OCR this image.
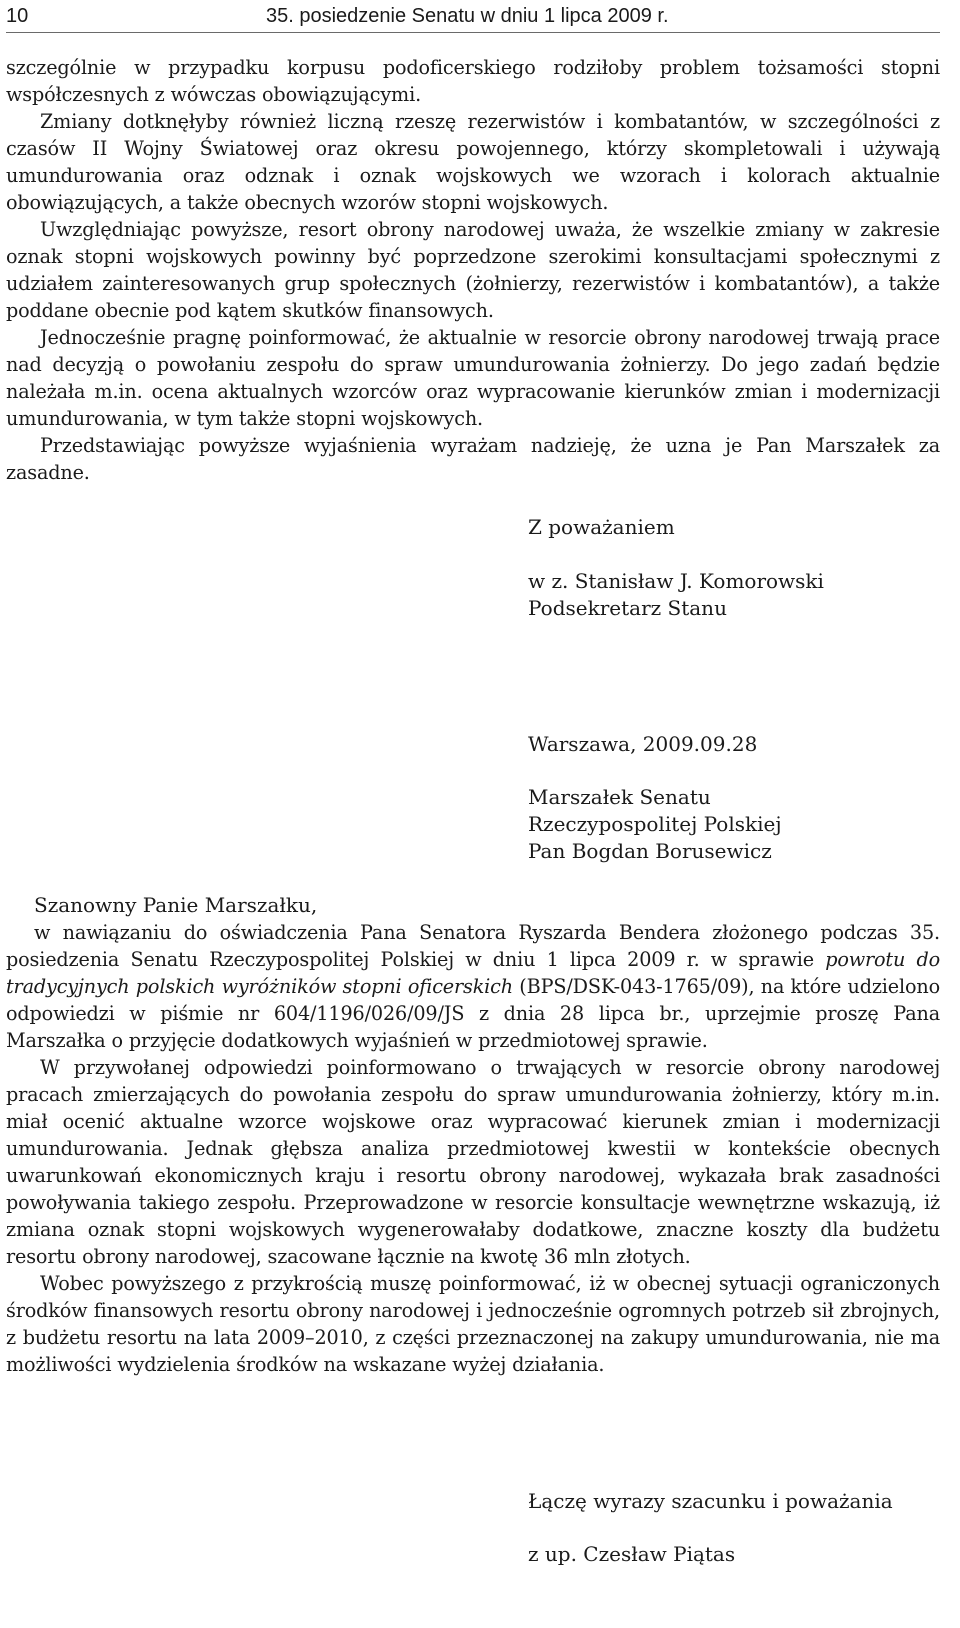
10	35. posiedzenie Senatu w dniu 1 lipca 2009 r.

szczególnie w przypadku korpusu podoficerskiego rodziłoby problem tożsamości stopni współczesnych z wówczas obowiązującymi.

Zmiany dotknęłyby również liczną rzeszę rezerwistów i kombatantów, w szczególności z czasów II Wojny Światowej oraz okresu powojennego, którzy skompletowali i używają umundurowania oraz odznak i oznak wojskowych we wzorach i kolorach aktualnie obowiązujących, a także obecnych wzorów stopni wojskowych.

Uwzględniając powyższe, resort obrony narodowej uważa, że wszelkie zmiany w zakresie oznak stopni wojskowych powinny być poprzedzone szerokimi konsultacjami społecznymi z udziałem zainteresowanych grup społecznych (żołnierzy, rezerwistów i kombatantów), a także poddane obecnie pod kątem skutków finansowych.

Jednocześnie pragnę poinformować, że aktualnie w resorcie obrony narodowej trwają prace nad decyzją o powołaniu zespołu do spraw umundurowania żołnierzy. Do jego zadań będzie należała m.in. ocena aktualnych wzorców oraz wypracowanie kierunków zmian i modernizacji umundurowania, w tym także stopni wojskowych.

Przedstawiając powyższe wyjaśnienia wyrażam nadzieję, że uzna je Pan Marszałek za zasadne.

Z poważaniem
w z. Stanisław J. Komorowski
Podsekretarz Stanu
Warszawa, 2009.09.28
Marszałek Senatu
Rzeczypospolitej Polskiej
Pan Bogdan Borusewicz
Szanowny Panie Marszałku,

w nawiązaniu do oświadczenia Pana Senatora Ryszarda Bendera złożonego podczas 35. posiedzenia Senatu Rzeczypospolitej Polskiej w dniu 1 lipca 2009 r. w sprawie powrotu do tradycyjnych polskich wyróżników stopni oficerskich (BPS/DSK-043-1765/09), na które udzielono odpowiedzi w piśmie nr 604/1196/026/09/JS z dnia 28 lipca br., uprzejmie proszę Pana Marszałka o przyjęcie dodatkowych wyjaśnień w przedmiotowej sprawie.

W przywołanej odpowiedzi poinformowano o trwających w resorcie obrony narodowej pracach zmierzających do powołania zespołu do spraw umundurowania żołnierzy, który m.in. miał ocenić aktualne wzorce wojskowe oraz wypracować kierunek zmian i modernizacji umundurowania. Jednak głębsza analiza przedmiotowej kwestii w kontekście obecnych uwarunkowań ekonomicznych kraju i resortu obrony narodowej, wykazała brak zasadności powoływania takiego zespołu. Przeprowadzone w resorcie konsultacje wewnętrzne wskazują, iż zmiana oznak stopni wojskowych wygenerowałaby dodatkowe, znaczne koszty dla budżetu resortu obrony narodowej, szacowane łącznie na kwotę 36 mln złotych.

Wobec powyższego z przykrością muszę poinformować, iż w obecnej sytuacji ograniczonych środków finansowych resortu obrony narodowej i jednocześnie ogromnych potrzeb sił zbrojnych, z budżetu resortu na lata 2009–2010, z części przeznaczonej na zakupy umundurowania, nie ma możliwości wydzielenia środków na wskazane wyżej działania.

Łączę wyrazy szacunku i poważania
z up. Czesław Piątas
